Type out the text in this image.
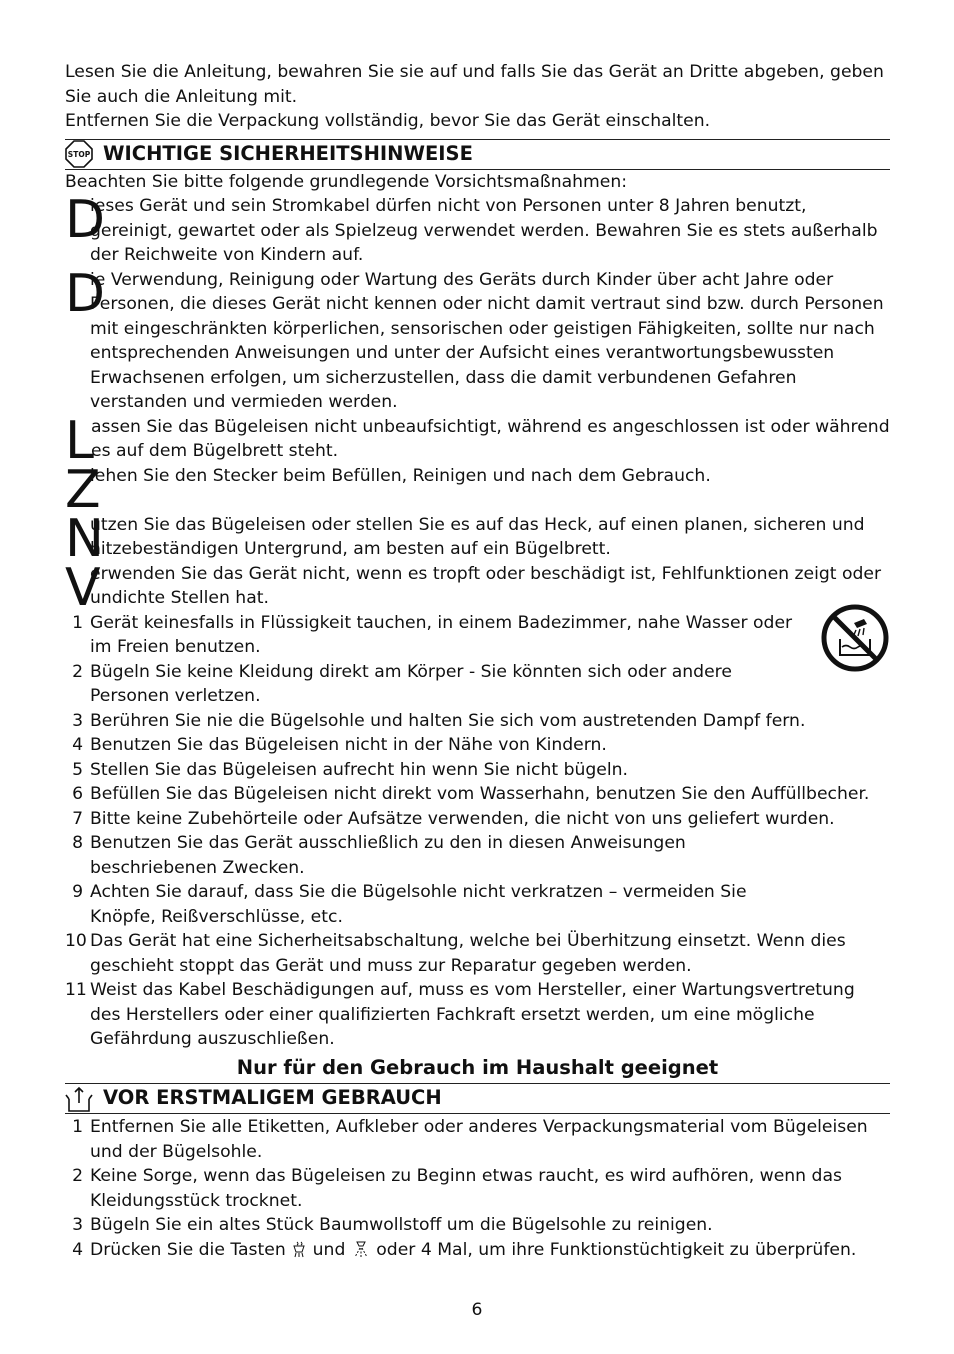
Lesen Sie die Anleitung, bewahren Sie sie auf und falls Sie das Gerät an Dritte abgeben, geben Sie auch die Anleitung mit.

Entfernen Sie die Verpackung vollständig, bevor Sie das Gerät einschalten.

STOP WICHTIGE SICHERHEITSHINWEISE

Beachten Sie bitte folgende grundlegende Vorsichtsmaßnahmen:

D
ieses Gerät und sein Stromkabel dürfen nicht von Personen unter 8 Jahren benutzt, gereinigt, gewartet oder als Spielzeug verwendet werden. Bewahren Sie es stets außerhalb der Reichweite von Kindern auf.
D
ie Verwendung, Reinigung oder Wartung des Geräts durch Kinder über acht Jahre oder Personen, die dieses Gerät nicht kennen oder nicht damit vertraut sind bzw. durch Personen mit eingeschränkten körperlichen, sensorischen oder geistigen Fähigkeiten, sollte nur nach entsprechenden Anweisungen und unter der Aufsicht eines verantwortungsbewussten Erwachsenen erfolgen, um sicherzustellen, dass die damit verbundenen Gefahren verstanden und vermieden werden.
L
assen Sie das Bügeleisen nicht unbeaufsichtigt, während es angeschlossen ist oder während es auf dem Bügelbrett steht.
Z
iehen Sie den Stecker beim Befüllen, Reinigen und nach dem Gebrauch.
N
utzen Sie das Bügeleisen oder stellen Sie es auf das Heck, auf einen planen, sicheren und hitzebeständigen Untergrund, am besten auf ein Bügelbrett.
V
erwenden Sie das Gerät nicht, wenn es tropft oder beschädigt ist, Fehlfunktionen zeigt oder undichte Stellen hat.
1 Gerät keinesfalls in Flüssigkeit tauchen, in einem Badezimmer, nahe Wasser oder im Freien benutzen.
2 Bügeln Sie keine Kleidung direkt am Körper - Sie könnten sich oder andere Personen verletzen.
3 Berühren Sie nie die Bügelsohle und halten Sie sich vom austretenden Dampf fern.
4 Benutzen Sie das Bügeleisen nicht in der Nähe von Kindern.
5 Stellen Sie das Bügeleisen aufrecht hin wenn Sie nicht bügeln.
6 Befüllen Sie das Bügeleisen nicht direkt vom Wasserhahn, benutzen Sie den Auffüllbecher.
7 Bitte keine Zubehörteile oder Aufsätze verwenden, die nicht von uns geliefert wurden.
8 Benutzen Sie das Gerät ausschließlich zu den in diesen Anweisungen beschriebenen Zwecken.
9 Achten Sie darauf, dass Sie die Bügelsohle nicht verkratzen – vermeiden Sie Knöpfe, Reißverschlüsse, etc.
10 Das Gerät hat eine Sicherheitsabschaltung, welche bei Überhitzung einsetzt. Wenn dies geschieht stoppt das Gerät und muss zur Reparatur gegeben werden.
11 Weist das Kabel Beschädigungen auf, muss es vom Hersteller, einer Wartungsvertretung des Herstellers oder einer qualifizierten Fachkraft ersetzt werden, um eine mögliche Gefährdung auszuschließen.

Nur für den Gebrauch im Haushalt geeignet

VOR ERSTMALIGEM GEBRAUCH
1 Entfernen Sie alle Etiketten, Aufkleber oder anderes Verpackungsmaterial vom Bügeleisen und der Bügelsohle.
2 Keine Sorge, wenn das Bügeleisen zu Beginn etwas raucht, es wird aufhören, wenn das Kleidungsstück trocknet.
3 Bügeln Sie ein altes Stück Baumwollstoff um die Bügelsohle zu reinigen.
4 Drücken Sie die Tasten und oder 4 Mal, um ihre Funktionstüchtigkeit zu überprüfen.
6
